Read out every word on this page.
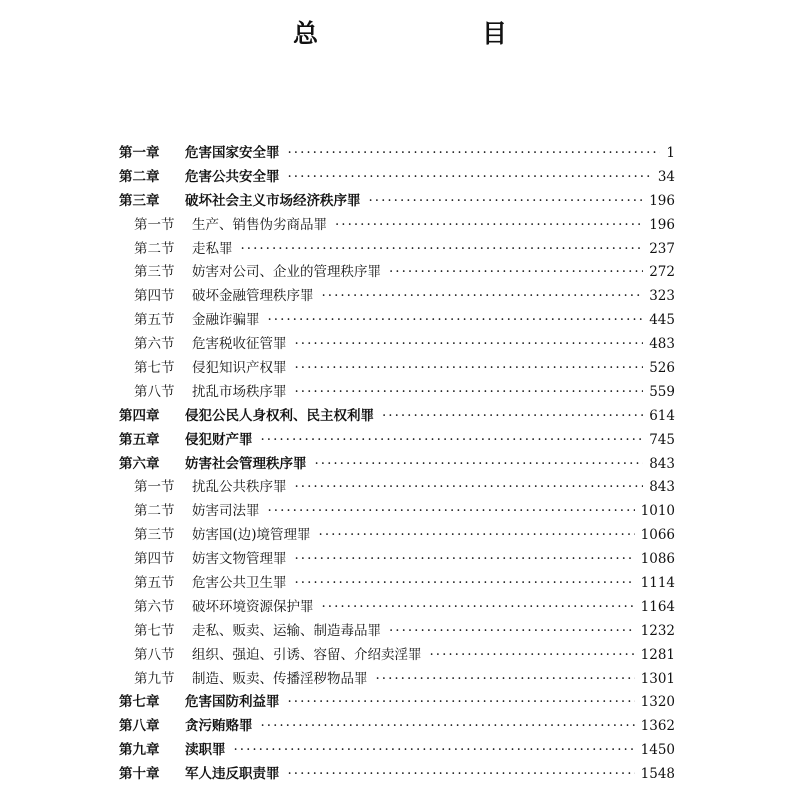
总　　目
第一章	危害国家安全罪 ·····	1
第二章	危害公共安全罪 ·····	34
第三章	破坏社会主义市场经济秩序罪 ·····	196
第一节	生产、销售伪劣商品罪 ·····	196
第二节	走私罪 ·····	237
第三节	妨害对公司、企业的管理秩序罪 ·····	272
第四节	破坏金融管理秩序罪 ·····	323
第五节	金融诈骗罪 ·····	445
第六节	危害税收征管罪 ·····	483
第七节	侵犯知识产权罪 ·····	526
第八节	扰乱市场秩序罪 ·····	559
第四章	侵犯公民人身权利、民主权利罪 ·····	614
第五章	侵犯财产罪 ·····	745
第六章	妨害社会管理秩序罪 ·····	843
第一节	扰乱公共秩序罪 ·····	843
第二节	妨害司法罪 ·····	1010
第三节	妨害国(边)境管理罪 ·····	1066
第四节	妨害文物管理罪 ·····	1086
第五节	危害公共卫生罪 ·····	1114
第六节	破坏环境资源保护罪 ·····	1164
第七节	走私、贩卖、运输、制造毒品罪 ·····	1232
第八节	组织、强迫、引诱、容留、介绍卖淫罪 ·····	1281
第九节	制造、贩卖、传播淫秽物品罪 ·····	1301
第七章	危害国防利益罪 ·····	1320
第八章	贪污贿赂罪 ·····	1362
第九章	渎职罪 ·····	1450
第十章	军人违反职责罪 ·····	1548
